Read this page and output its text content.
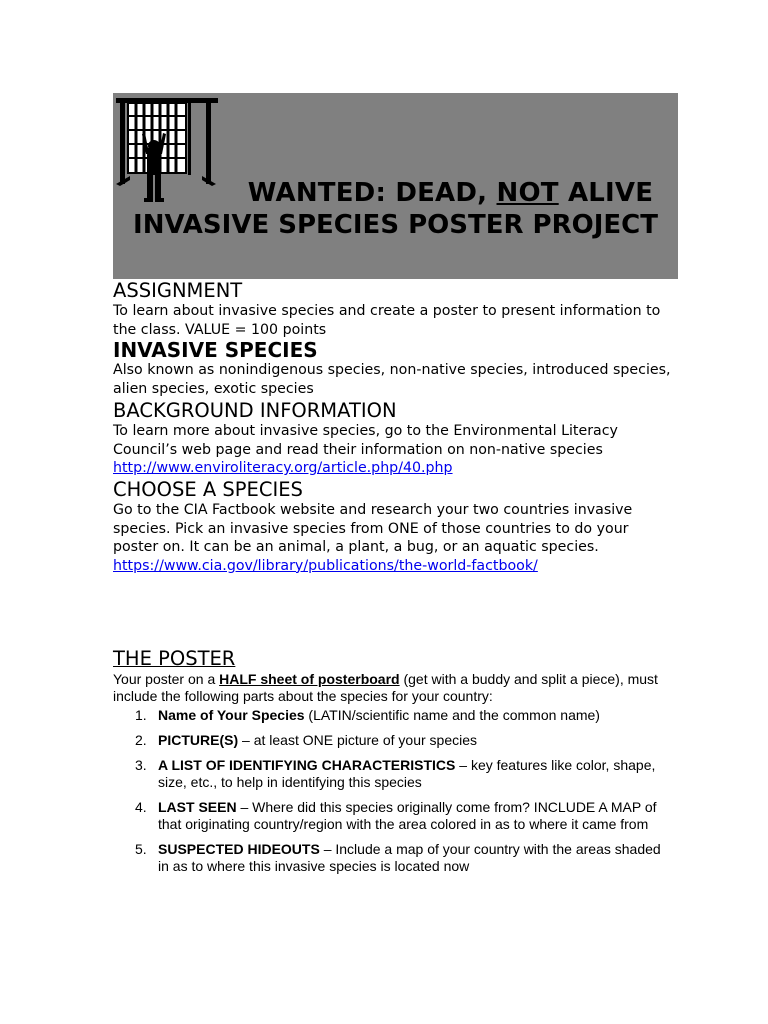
WANTED: DEAD, NOT ALIVE
INVASIVE SPECIES POSTER PROJECT
ASSIGNMENT
To learn about invasive species and create a poster to present information to the class. VALUE = 100 points
INVASIVE SPECIES
Also known as nonindigenous species, non-native species, introduced species, alien species, exotic species
BACKGROUND INFORMATION
To learn more about invasive species, go to the Environmental Literacy Council’s web page and read their information on non-native species
http://www.enviroliteracy.org/article.php/40.php
CHOOSE A SPECIES
Go to the CIA Factbook website and research your two countries invasive species. Pick an invasive species from ONE of those countries to do your poster on. It can be an animal, a plant, a bug, or an aquatic species.
https://www.cia.gov/library/publications/the-world-factbook/
THE POSTER
Your poster on a HALF sheet of posterboard (get with a buddy and split a piece), must include the following parts about the species for your country:
1. Name of Your Species (LATIN/scientific name and the common name)
2. PICTURE(S) – at least ONE picture of your species
3. A LIST OF IDENTIFYING CHARACTERISTICS – key features like color, shape, size, etc., to help in identifying this species
4. LAST SEEN – Where did this species originally come from? INCLUDE A MAP of that originating country/region with the area colored in as to where it came from
5. SUSPECTED HIDEOUTS – Include a map of your country with the areas shaded in as to where this invasive species is located now
